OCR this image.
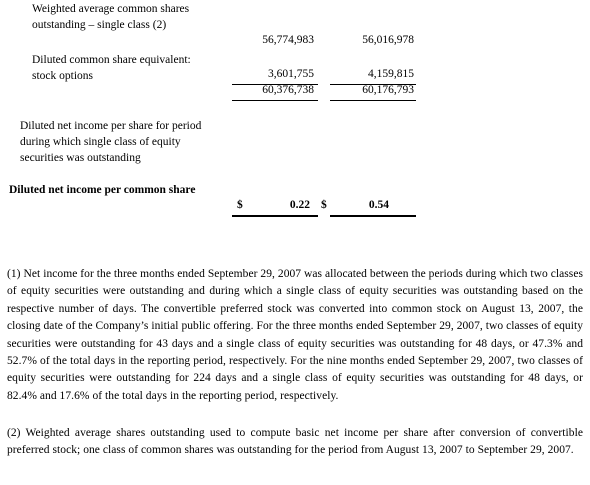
Weighted average common shares
outstanding – single class (2)
56,774,983	56,016,978
Diluted common share equivalent:
stock options	3,601,755	4,159,815
60,376,738	60,176,793
Diluted net income per share for period
during which single class of equity
securities was outstanding
Diluted net income per common share
$	0.22 $	0.54
(1) Net income for the three months ended September 29, 2007 was allocated between the periods during which two classes of equity securities were outstanding and during which a single class of equity securities was outstanding based on the respective number of days. The convertible preferred stock was converted into common stock on August 13, 2007, the closing date of the Company’s initial public offering. For the three months ended September 29, 2007, two classes of equity securities were outstanding for 43 days and a single class of equity securities was outstanding for 48 days, or 47.3% and 52.7% of the total days in the reporting period, respectively. For the nine months ended September 29, 2007, two classes of equity securities were outstanding for 224 days and a single class of equity securities was outstanding for 48 days, or 82.4% and 17.6% of the total days in the reporting period, respectively.
(2) Weighted average shares outstanding used to compute basic net income per share after conversion of convertible preferred stock; one class of common shares was outstanding for the period from August 13, 2007 to September 29, 2007.
